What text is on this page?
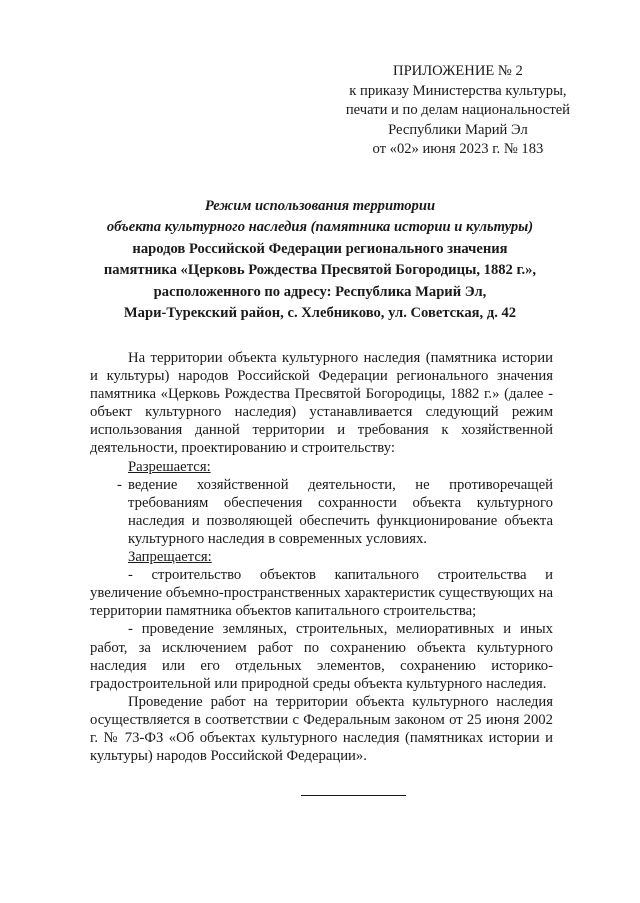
ПРИЛОЖЕНИЕ № 2
к приказу Министерства культуры,
печати и по делам национальностей
Республики Марий Эл
от «02» июня 2023 г. № 183
Режим использования территории
объекта культурного наследия (памятника истории и культуры)
народов Российской Федерации регионального значения
памятника «Церковь Рождества Пресвятой Богородицы, 1882 г.»,
расположенного по адресу: Республика Марий Эл,
Мари-Турекский район, с. Хлебниково, ул. Советская, д. 42

На территории объекта культурного наследия (памятника истории и культуры) народов Российской Федерации регионального значения памятника «Церковь Рождества Пресвятой Богородицы, 1882 г.» (далее - объект культурного наследия) устанавливается следующий режим использования данной территории и требования к хозяйственной деятельности, проектированию и строительству:

Разрешается:

- ведение хозяйственной деятельности, не противоречащей требованиям обеспечения сохранности объекта культурного наследия и позволяющей обеспечить функционирование объекта культурного наследия в современных условиях.

Запрещается:

- строительство объектов капитального строительства и увеличение объемно-пространственных характеристик существующих на территории памятника объектов капитального строительства;

- проведение земляных, строительных, мелиоративных и иных работ, за исключением работ по сохранению объекта культурного наследия или его отдельных элементов, сохранению историко-градостроительной или природной среды объекта культурного наследия.

Проведение работ на территории объекта культурного наследия осуществляется в соответствии с Федеральным законом от 25 июня 2002 г. № 73-ФЗ «Об объектах культурного наследия (памятниках истории и культуры) народов Российской Федерации».
